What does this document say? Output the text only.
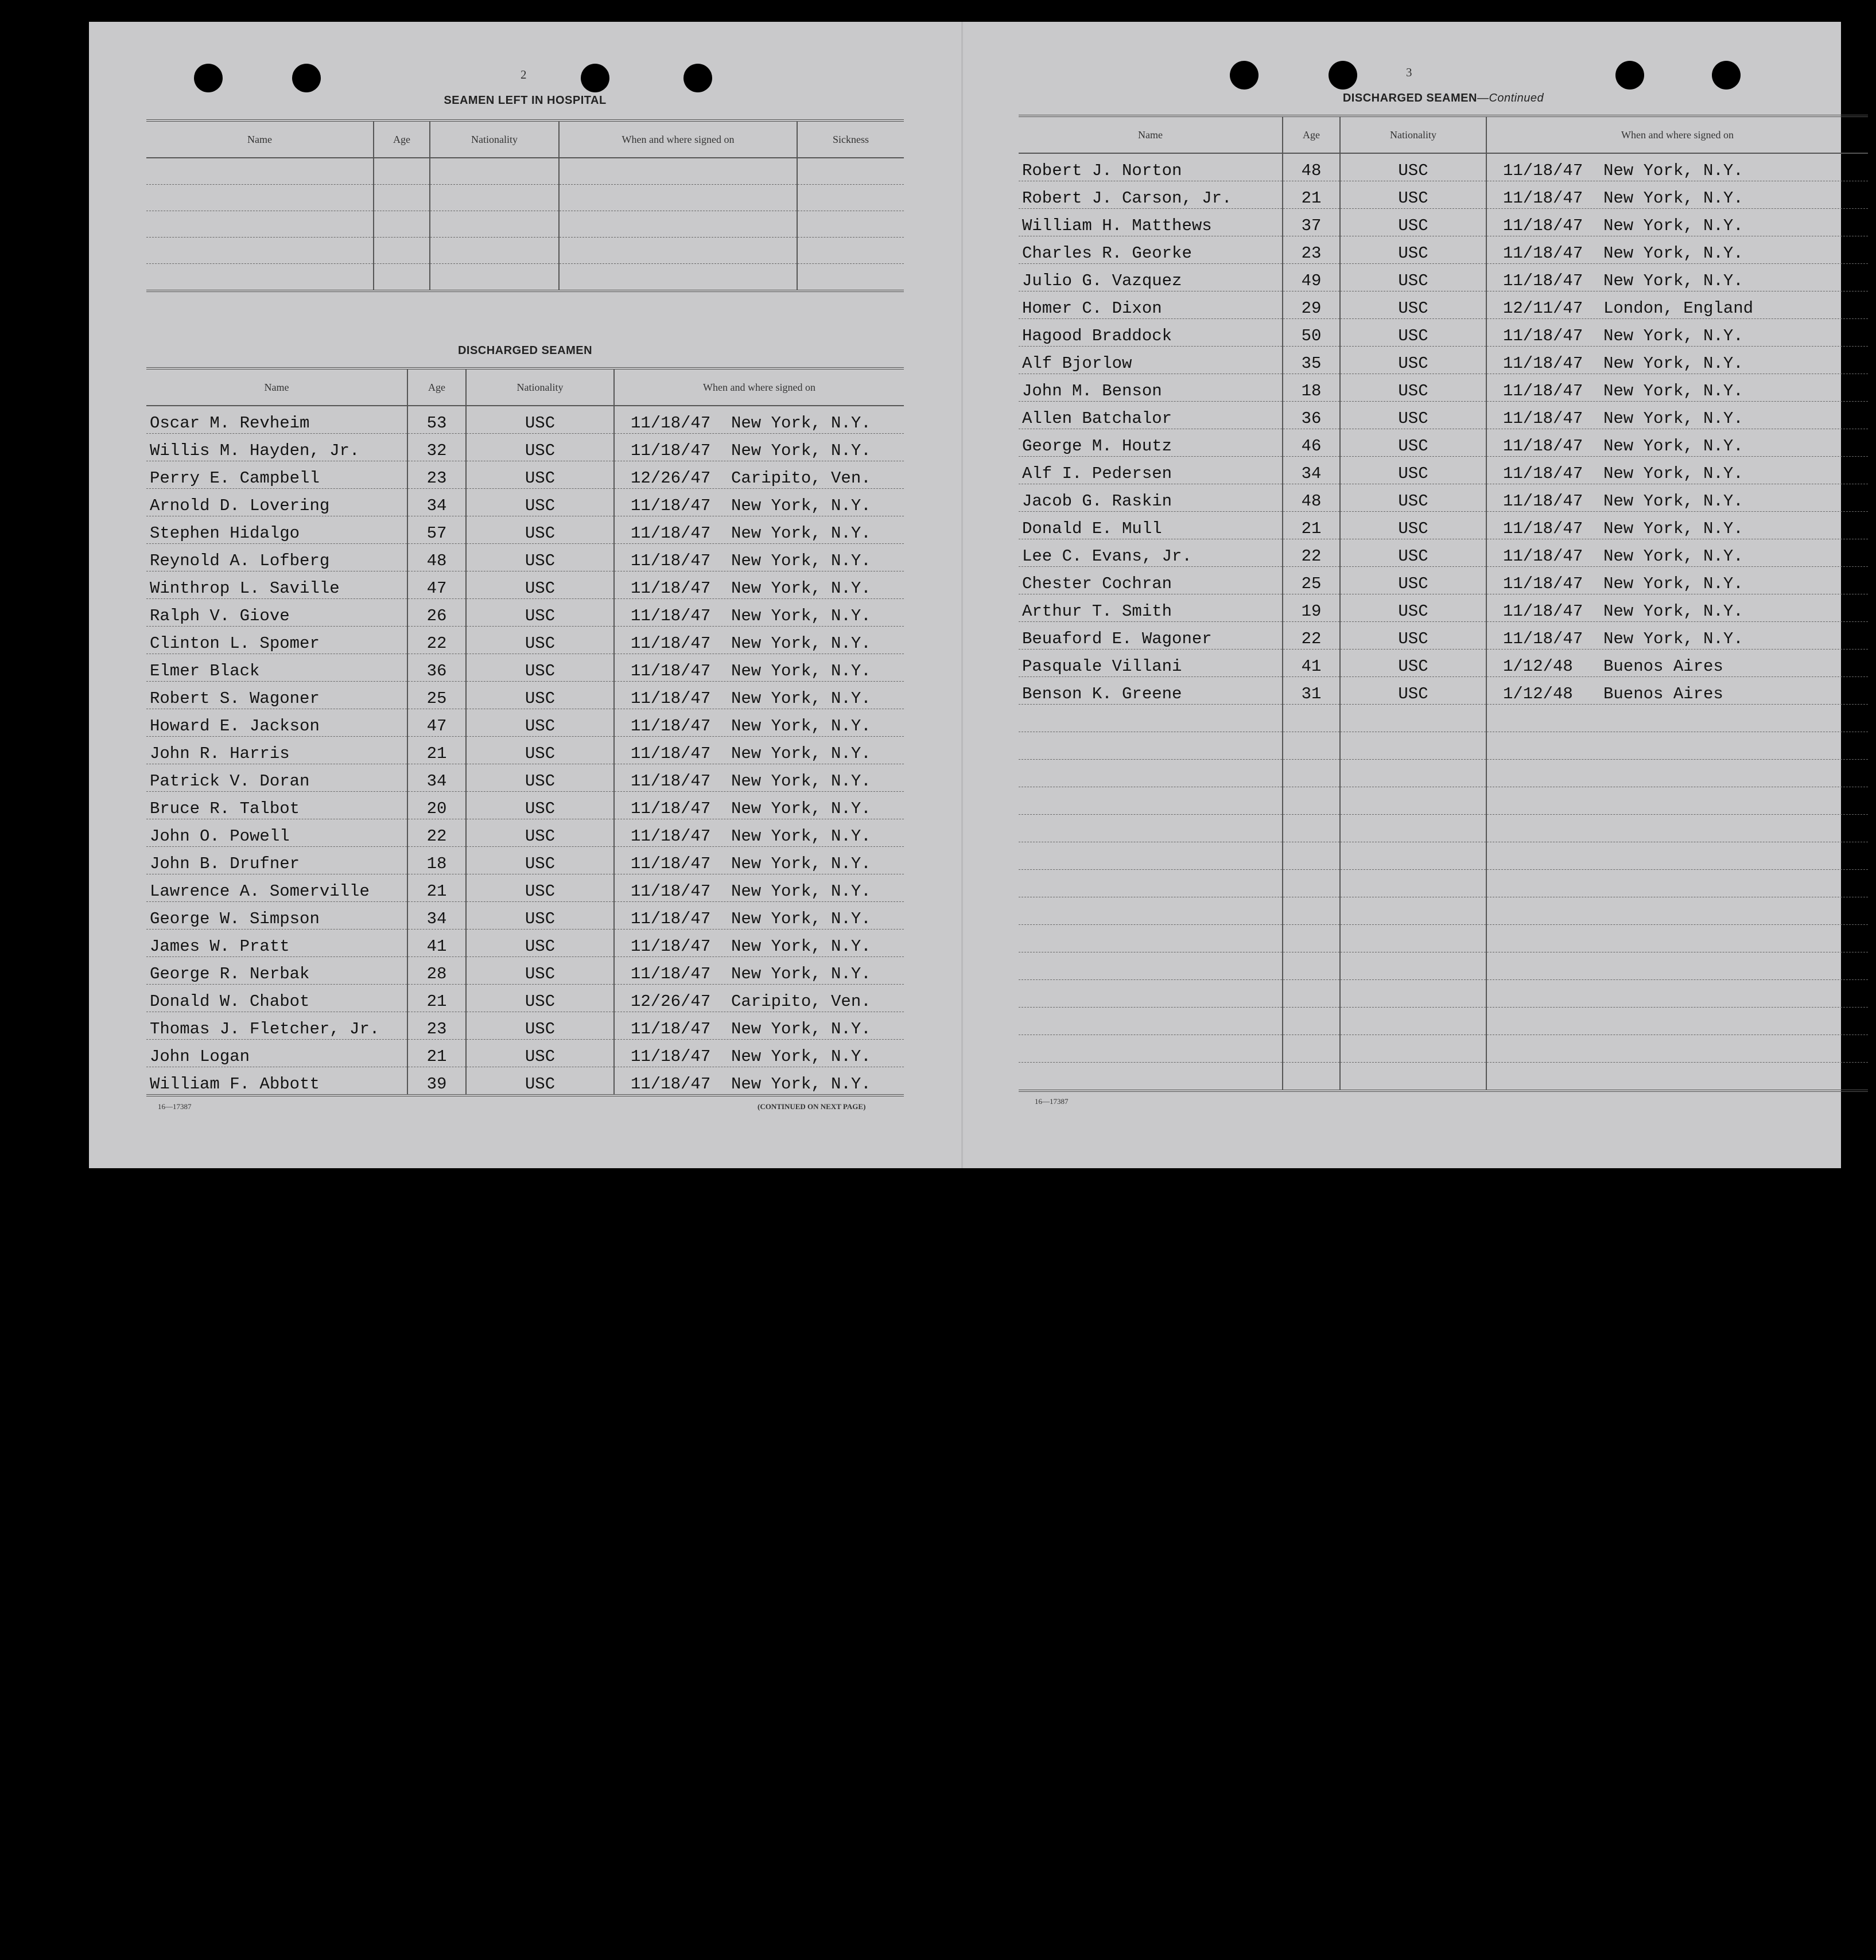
2
SEAMEN LEFT IN HOSPITAL
Name	Age	Nationality	When and where signed on	Sickness

DISCHARGED SEAMEN
Name	Age	Nationality	When and where signed on
Oscar M. Revheim	53	USC	11/18/47 New York, N.Y.
Willis M. Hayden, Jr.	32	USC	11/18/47 New York, N.Y.
Perry E. Campbell	23	USC	12/26/47 Caripito, Ven.
Arnold D. Lovering	34	USC	11/18/47 New York, N.Y.
Stephen Hidalgo	57	USC	11/18/47 New York, N.Y.
Reynold A. Lofberg	48	USC	11/18/47 New York, N.Y.
Winthrop L. Saville	47	USC	11/18/47 New York, N.Y.
Ralph V. Giove	26	USC	11/18/47 New York, N.Y.
Clinton L. Spomer	22	USC	11/18/47 New York, N.Y.
Elmer Black	36	USC	11/18/47 New York, N.Y.
Robert S. Wagoner	25	USC	11/18/47 New York, N.Y.
Howard E. Jackson	47	USC	11/18/47 New York, N.Y.
John R. Harris	21	USC	11/18/47 New York, N.Y.
Patrick V. Doran	34	USC	11/18/47 New York, N.Y.
Bruce R. Talbot	20	USC	11/18/47 New York, N.Y.
John O. Powell	22	USC	11/18/47 New York, N.Y.
John B. Drufner	18	USC	11/18/47 New York, N.Y.
Lawrence A. Somerville	21	USC	11/18/47 New York, N.Y.
George W. Simpson	34	USC	11/18/47 New York, N.Y.
James W. Pratt	41	USC	11/18/47 New York, N.Y.
George R. Nerbak	28	USC	11/18/47 New York, N.Y.
Donald W. Chabot	21	USC	12/26/47 Caripito, Ven.
Thomas J. Fletcher, Jr.	23	USC	11/18/47 New York, N.Y.
John Logan	21	USC	11/18/47 New York, N.Y.
William F. Abbott	39	USC	11/18/47 New York, N.Y.
16—17387	(CONTINUED ON NEXT PAGE)
3
DISCHARGED SEAMEN—Continued
Name	Age	Nationality	When and where signed on
Robert J. Norton	48	USC	11/18/47 New York, N.Y.
Robert J. Carson, Jr.	21	USC	11/18/47 New York, N.Y.
William H. Matthews	37	USC	11/18/47 New York, N.Y.
Charles R. Georke	23	USC	11/18/47 New York, N.Y.
Julio G. Vazquez	49	USC	11/18/47 New York, N.Y.
Homer C. Dixon	29	USC	12/11/47 London, England
Hagood Braddock	50	USC	11/18/47 New York, N.Y.
Alf Bjorlow	35	USC	11/18/47 New York, N.Y.
John M. Benson	18	USC	11/18/47 New York, N.Y.
Allen Batchalor	36	USC	11/18/47 New York, N.Y.
George M. Houtz	46	USC	11/18/47 New York, N.Y.
Alf I. Pedersen	34	USC	11/18/47 New York, N.Y.
Jacob G. Raskin	48	USC	11/18/47 New York, N.Y.
Donald E. Mull	21	USC	11/18/47 New York, N.Y.
Lee C. Evans, Jr.	22	USC	11/18/47 New York, N.Y.
Chester Cochran	25	USC	11/18/47 New York, N.Y.
Arthur T. Smith	19	USC	11/18/47 New York, N.Y.
Beuaford E. Wagoner	22	USC	11/18/47 New York, N.Y.
Pasquale Villani	41	USC	1/12/48 Buenos Aires
Benson K. Greene	31	USC	1/12/48 Buenos Aires

16—17387
